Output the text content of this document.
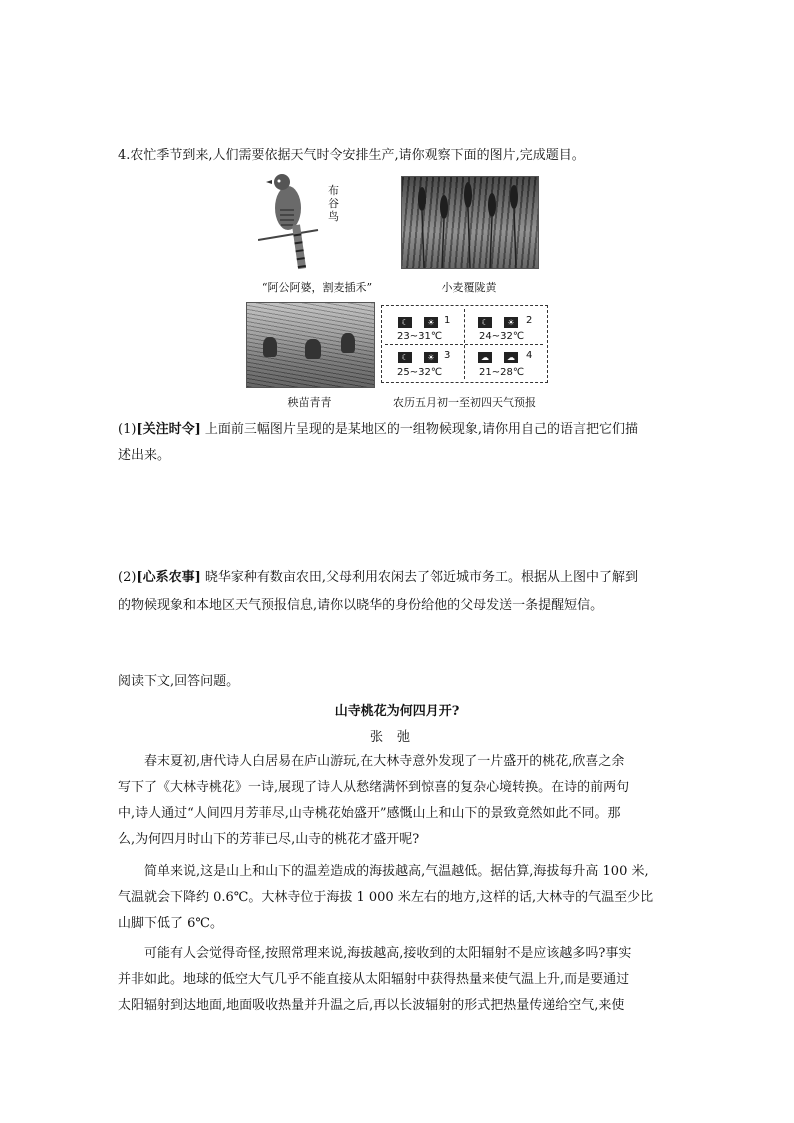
4.农忙季节到来,人们需要依据天气时令安排生产,请你观察下面的图片,完成题目。
布谷鸟
“阿公阿婆，割麦插禾”	小麦覆陇黄
秧苗青青
☾	☀ 1
23~31℃
☾	☀	2
24~32℃
☾	☀ 3
25~32℃
☁	☁	4
21~28℃
农历五月初一至初四天气预报
(1)[关注时令] 上面前三幅图片呈现的是某地区的一组物候现象,请你用自己的语言把它们描
述出来。
(2)[心系农事] 晓华家种有数亩农田,父母利用农闲去了邻近城市务工。根据从上图中了解到
的物候现象和本地区天气预报信息,请你以晓华的身份给他的父母发送一条提醒短信。
阅读下文,回答问题。
山寺桃花为何四月开?
张弛
　　春末夏初,唐代诗人白居易在庐山游玩,在大林寺意外发现了一片盛开的桃花,欣喜之余
写下了《大林寺桃花》一诗,展现了诗人从愁绪满怀到惊喜的复杂心境转换。在诗的前两句
中,诗人通过“人间四月芳菲尽,山寺桃花始盛开”感慨山上和山下的景致竟然如此不同。那
么,为何四月时山下的芳菲已尽,山寺的桃花才盛开呢?
　　简单来说,这是山上和山下的温差造成的海拔越高,气温越低。据估算,海拔每升高 100 米,
气温就会下降约 0.6℃。大林寺位于海拔 1 000 米左右的地方,这样的话,大林寺的气温至少比
山脚下低了 6℃。
　　可能有人会觉得奇怪,按照常理来说,海拔越高,接收到的太阳辐射不是应该越多吗?事实
并非如此。地球的低空大气几乎不能直接从太阳辐射中获得热量来使气温上升,而是要通过
太阳辐射到达地面,地面吸收热量并升温之后,再以长波辐射的形式把热量传递给空气,来使
